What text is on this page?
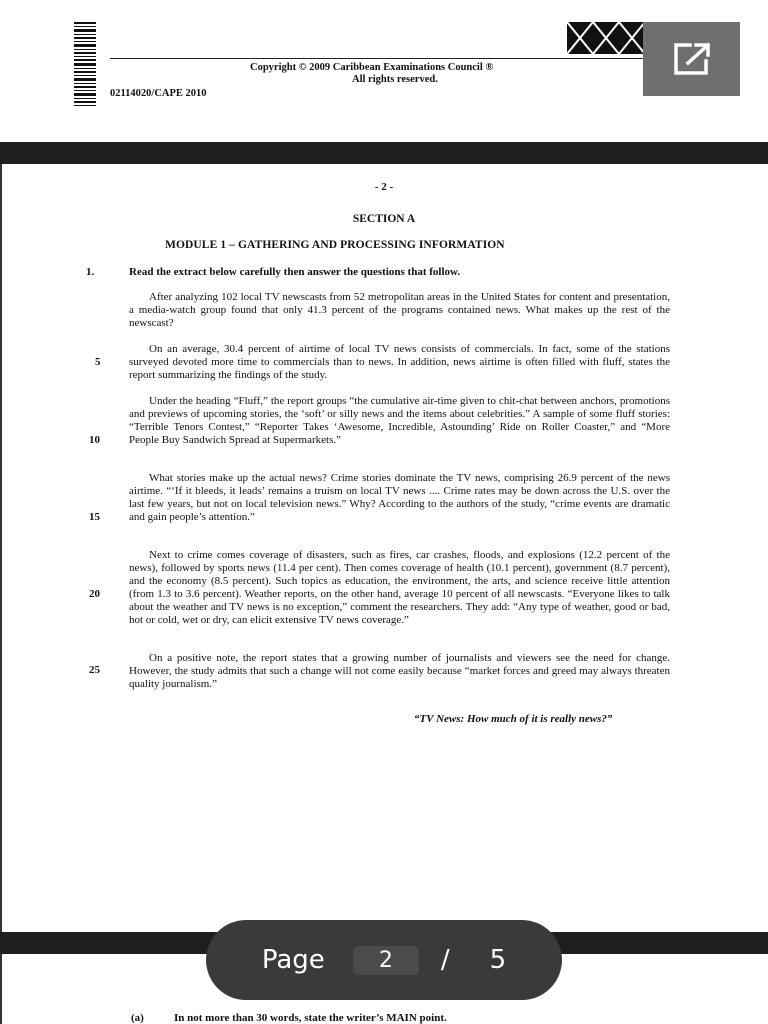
Copyright © 2009 Caribbean Examinations Council ®
All rights reserved.
02114020/CAPE 2010
- 2 -
SECTION A
MODULE 1 – GATHERING AND PROCESSING INFORMATION
1.	Read the extract below carefully then answer the questions that follow.

After analyzing 102 local TV newscasts from 52 metropolitan areas in the United States for content and presentation, a media-watch group found that only 41.3 percent of the programs contained news. What makes up the rest of the newscast?

On an average, 30.4 percent of airtime of local TV news consists of commercials. In fact, some of the stations surveyed devoted more time to commercials than to news. In addition, news airtime is often filled with fluff, states the report summarizing the findings of the study.

Under the heading “Fluff,” the report groups “the cumulative air-time given to chit-chat between anchors, promotions and previews of upcoming stories, the ‘soft’ or silly news and the items about celebrities.” A sample of some fluff stories: “Terrible Tenors Contest,” “Reporter Takes ‘Awesome, Incredible, Astounding’ Ride on Roller Coaster,” and “More People Buy Sandwich Spread at Supermarkets.”

What stories make up the actual news? Crime stories dominate the TV news, comprising 26.9 percent of the news airtime. “‘If it bleeds, it leads’ remains a truism on local TV news .... Crime rates may be down across the U.S. over the last few years, but not on local television news.” Why? According to the authors of the study, “crime events are dramatic and gain people’s attention.”

Next to crime comes coverage of disasters, such as fires, car crashes, floods, and explosions (12.2 percent of the news), followed by sports news (11.4 per cent). Then comes coverage of health (10.1 percent), government (8.7 percent), and the economy (8.5 percent). Such topics as education, the environment, the arts, and science receive little attention (from 1.3 to 3.6 percent). Weather reports, on the other hand, average 10 percent of all newscasts. “Everyone likes to talk about the weather and TV news is no exception,” comment the researchers. They add: “Any type of weather, good or bad, hot or cold, wet or dry, can elicit extensive TV news coverage.”

On a positive note, the report states that a growing number of journalists and viewers see the need for change. However, the study admits that such a change will not come easily because “market forces and greed may always threaten quality journalism.”

5
10
15
20
25
“TV News: How much of it is really news?”
(a)	In not more than 30 words, state the writer’s MAIN point.
Page	2	/ 5
